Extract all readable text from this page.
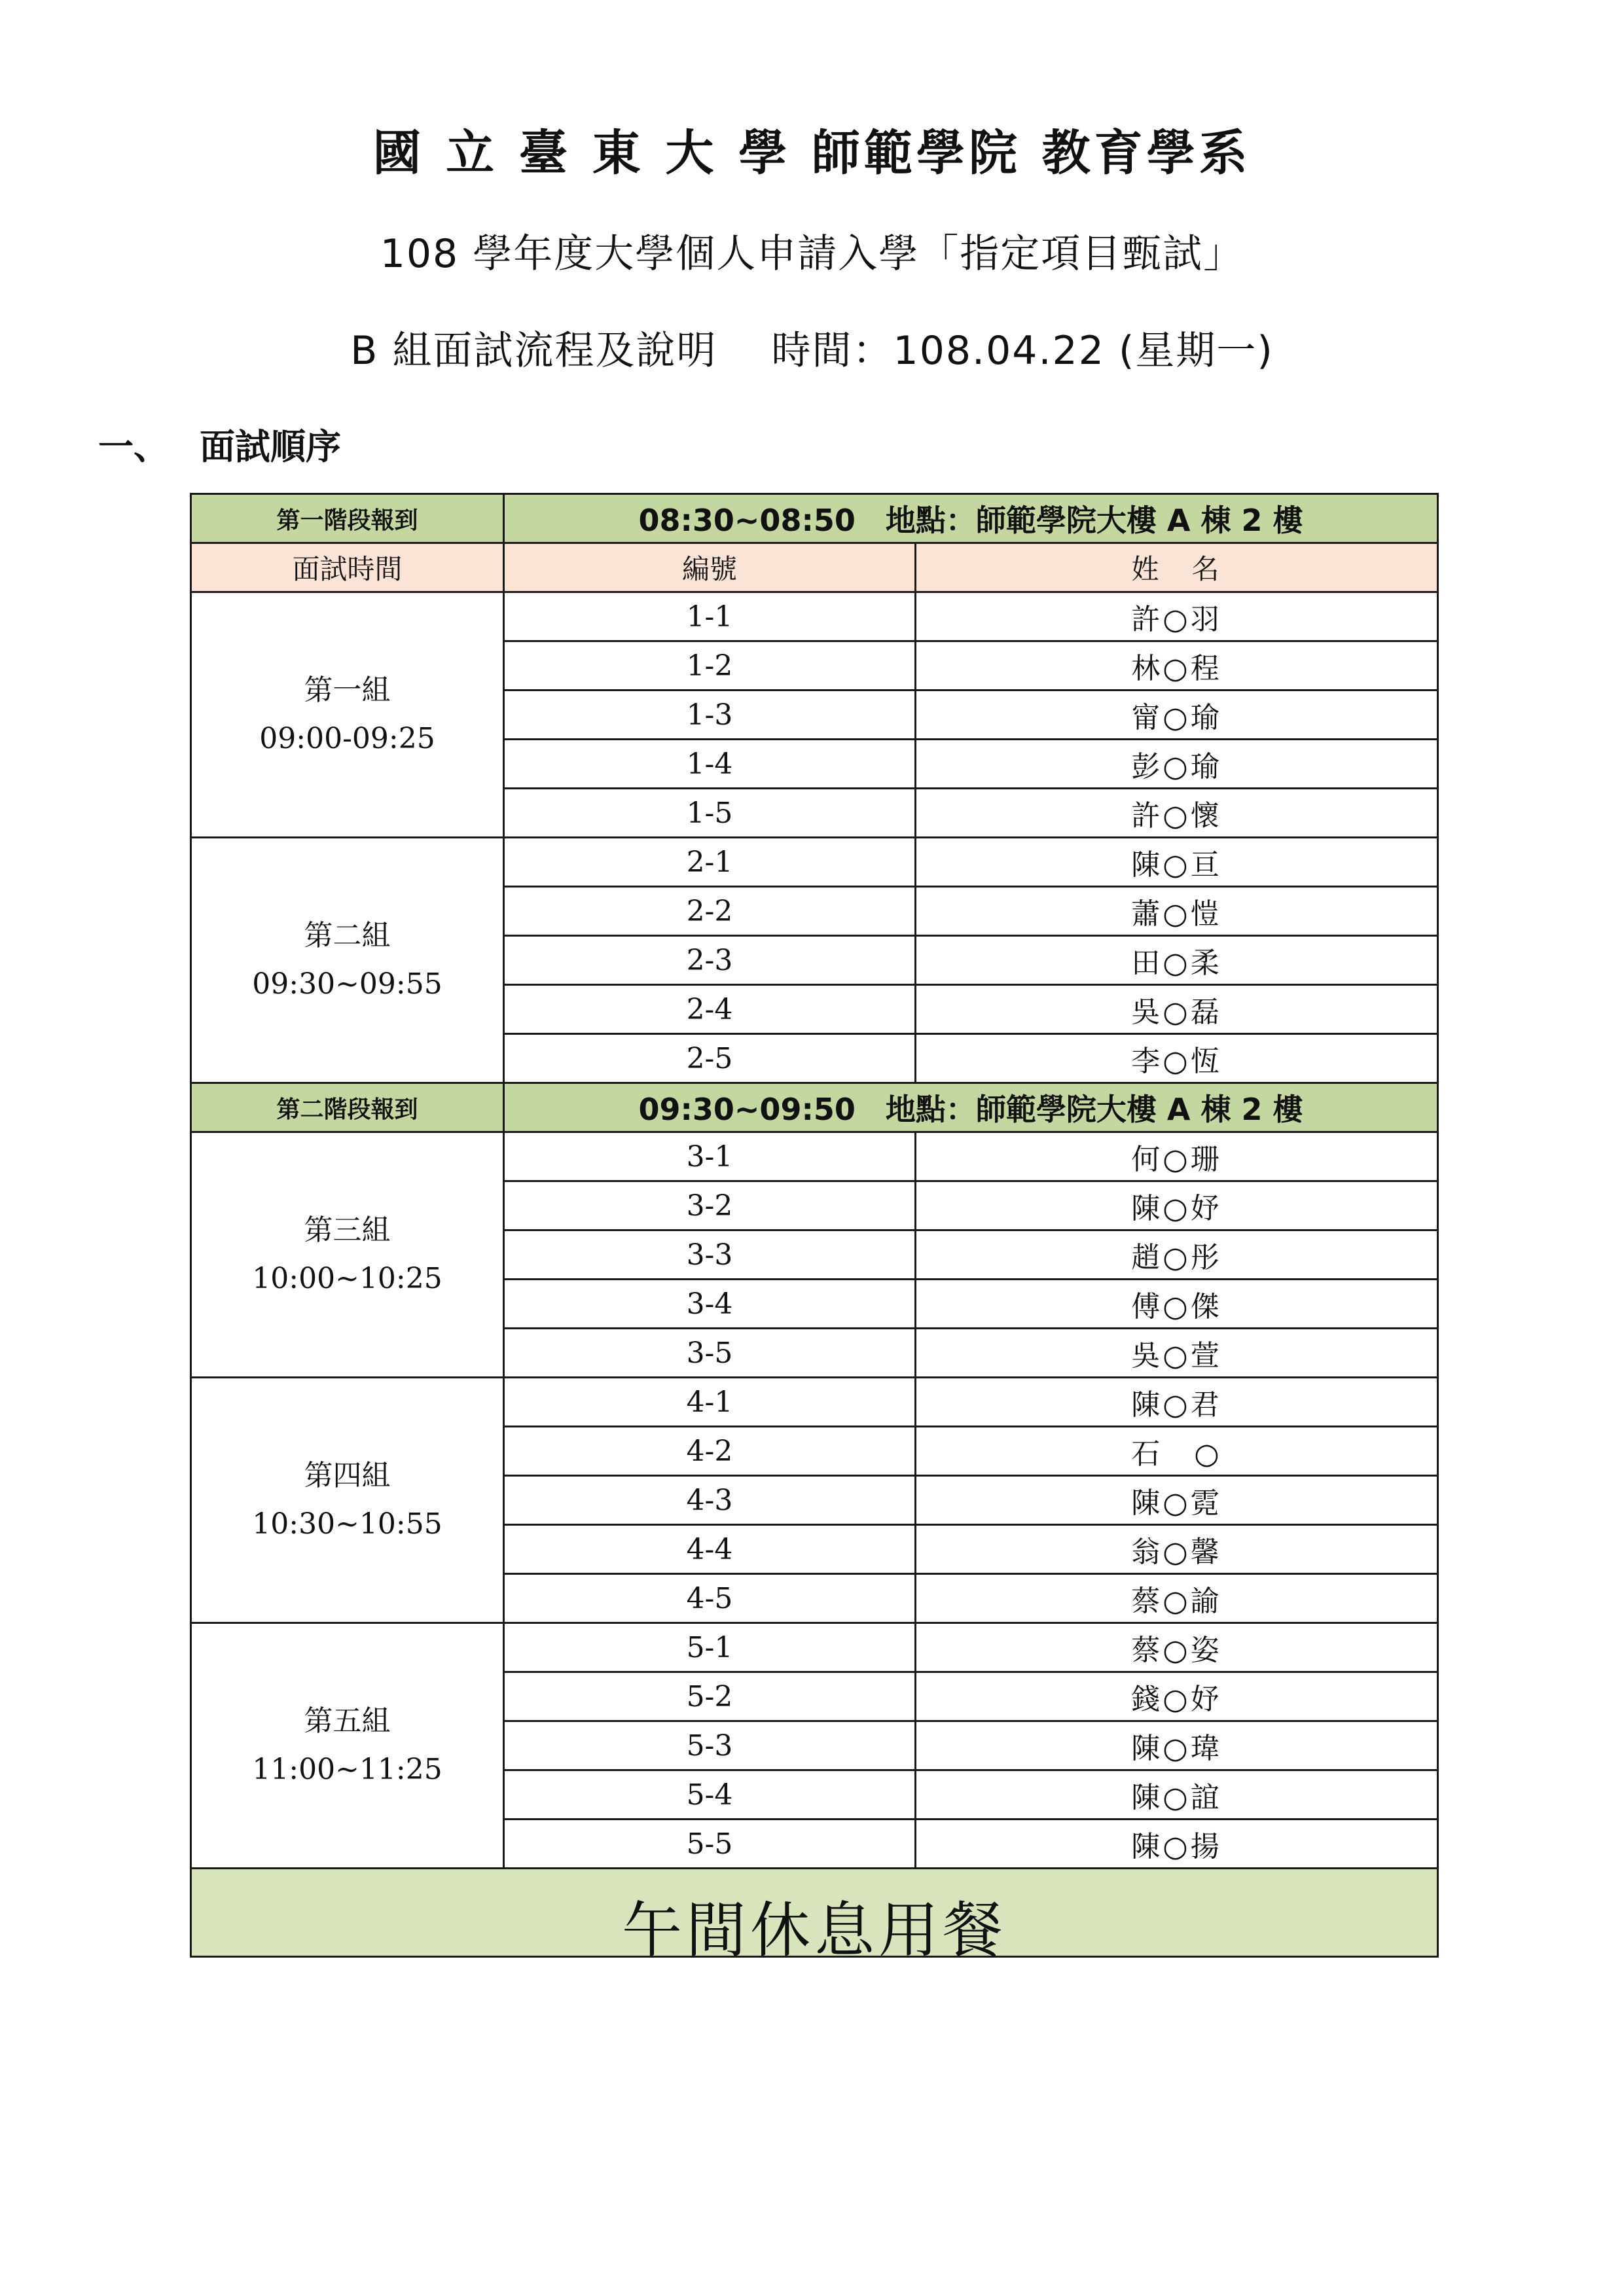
國 立 臺 東 大 學 師範學院 教育學系
108 學年度大學個人申請入學「指定項目甄試」
B 組面試流程及說明　 時間：108.04.22 (星期一)
一、 面試順序
第一階段報到	08:30~08:50　地點：師範學院大樓 A 棟 2 樓	
面試時間	編號	姓　名

第一組
09:00-09:25	1-1	許○羽
	1-2	林○程
	1-3	甯○瑜
	1-4	彭○瑜
	1-5	許○懷

第二組
09:30~09:55	2-1	陳○亘
	2-2	蕭○愷
	2-3	田○柔
	2-4	吳○磊
	2-5	李○恆
第二階段報到	09:30~09:50　地點：師範學院大樓 A 棟 2 樓	

第三組
10:00~10:25	3-1	何○珊
	3-2	陳○妤
	3-3	趙○彤
	3-4	傅○傑
	3-5	吳○萱

第四組
10:30~10:55	4-1	陳○君
	4-2	石　○
	4-3	陳○霓
	4-4	翁○馨
	4-5	蔡○諭

第五組
11:00~11:25	5-1	蔡○姿
	5-2	錢○妤
	5-3	陳○瑋
	5-4	陳○誼
	5-5	陳○揚
午間休息用餐		
